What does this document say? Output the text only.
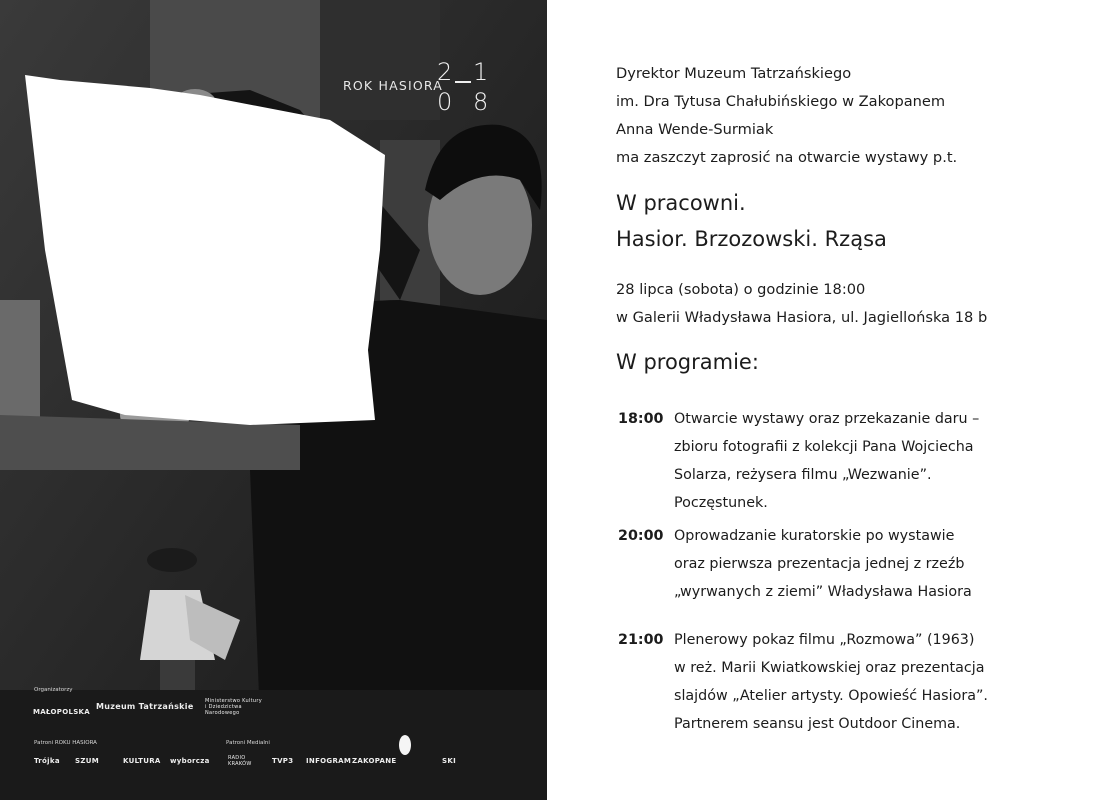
ROK HASIORA
2 1
0 8
Organizatorzy
MAŁOPOLSKA
Muzeum Tatrzańskie
Ministerstwo Kultury i Dziedzictwa Narodowego
Patroni ROKU HASIORA	Patroni Medialni
Trójka SZUM	KULTURA wyborcza	RADIO KRAKÓW	TVP3 INFOGRAM ZAKOPANE	SKI
Dyrektor Muzeum Tatrzańskiego
im. Dra Tytusa Chałubińskiego w Zakopanem
Anna Wende-Surmiak
ma zaszczyt zaprosić na otwarcie wystawy p.t.
W pracowni.
Hasior. Brzozowski. Rząsa
28 lipca (sobota) o godzinie 18:00
w Galerii Władysława Hasiora, ul. Jagiellońska 18 b
W programie:
18:00 Otwarcie wystawy oraz przekazanie daru –
zbioru fotografii z kolekcji Pana Wojciecha
Solarza, reżysera filmu „Wezwanie”.
Poczęstunek.
20:00 Oprowadzanie kuratorskie po wystawie
oraz pierwsza prezentacja jednej z rzeźb
„wyrwanych z ziemi” Władysława Hasiora
21:00 Plenerowy pokaz filmu „Rozmowa” (1963)
w reż. Marii Kwiatkowskiej oraz prezentacja
slajdów „Atelier artysty. Opowieść Hasiora”.
Partnerem seansu jest Outdoor Cinema.
